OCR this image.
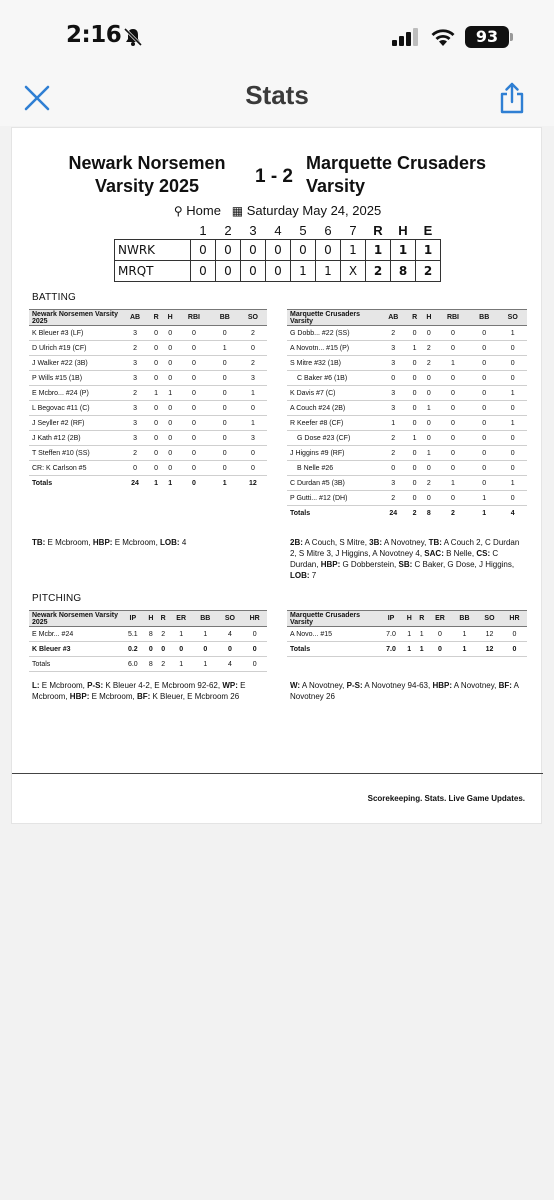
2:16	93
Stats
Newark Norsemen Varsity 2025	1 - 2
Marquette Crusaders Varsity
⚲ Home ▦ Saturday May 24, 2025
	1	2	3	4	5	6	7	R	H	E
NWRK	0	0	0	0	0	0	1	1	1	1
MRQT	0	0	0	0	1	1	X	2	8	2
BATTING
Newark Norsemen Varsity 2025	AB	R	H	RBI	BB	SO
K Bleuer #3 (LF)	3	0	0	0	0	2
D Ulrich #19 (CF)	2	0	0	0	1	0
J Walker #22 (3B)	3	0	0	0	0	2
P Wills #15 (1B)	3	0	0	0	0	3
E Mcbro... #24 (P)	2	1	1	0	0	1
L Begovac #11 (C)	3	0	0	0	0	0
J Seyller #2 (RF)	3	0	0	0	0	1
J Kath #12 (2B)	3	0	0	0	0	3
T Steffen #10 (SS)	2	0	0	0	0	0
CR: K Carlson #5	0	0	0	0	0	0
Totals	24	1	1	0	1	12
Marquette Crusaders Varsity	AB	R	H	RBI	BB	SO
G Dobb... #22 (SS)	2	0	0	0	0	1
A Novotn... #15 (P)	3	1	2	0	0	0
S Mitre #32 (1B)	3	0	2	1	0	0
C Baker #6 (1B)	0	0	0	0	0	0
K Davis #7 (C)	3	0	0	0	0	1
A Couch #24 (2B)	3	0	1	0	0	0
R Keefer #8 (CF)	1	0	0	0	0	1
G Dose #23 (CF)	2	1	0	0	0	0
J Higgins #9 (RF)	2	0	1	0	0	0
B Nelle #26	0	0	0	0	0	0
C Durdan #5 (3B)	3	0	2	1	0	1
P Gutti... #12 (DH)	2	0	0	0	1	0
Totals	24	2	8	2	1	4
TB: E Mcbroom, HBP: E Mcbroom, LOB: 4	2B: A Couch, S Mitre, 3B: A Novotney, TB: A Couch 2, C Durdan 2, S Mitre 3, J Higgins, A Novotney 4, SAC: B Nelle, CS: C Durdan, HBP: G Dobberstein, SB: C Baker, G Dose, J Higgins, LOB: 7
PITCHING
Newark Norsemen Varsity 2025	IP	H	R	ER	BB	SO	HR
E Mcbr... #24	5.1	8	2	1	1	4	0
K Bleuer #3	0.2	0	0	0	0	0	0
Totals	6.0	8	2	1	1	4	0
Marquette Crusaders Varsity	IP	H	R	ER	BB	SO	HR
A Novo... #15	7.0	1	1	0	1	12	0
Totals	7.0	1	1	0	1	12	0
L: E Mcbroom, P-S: K Bleuer 4-2, E Mcbroom 92-62, WP: E Mcbroom, HBP: E Mcbroom, BF: K Bleuer, E Mcbroom 26
W: A Novotney, P-S: A Novotney 94-63, HBP: A Novotney, BF: A Novotney 26
Scorekeeping. Stats. Live Game Updates.
